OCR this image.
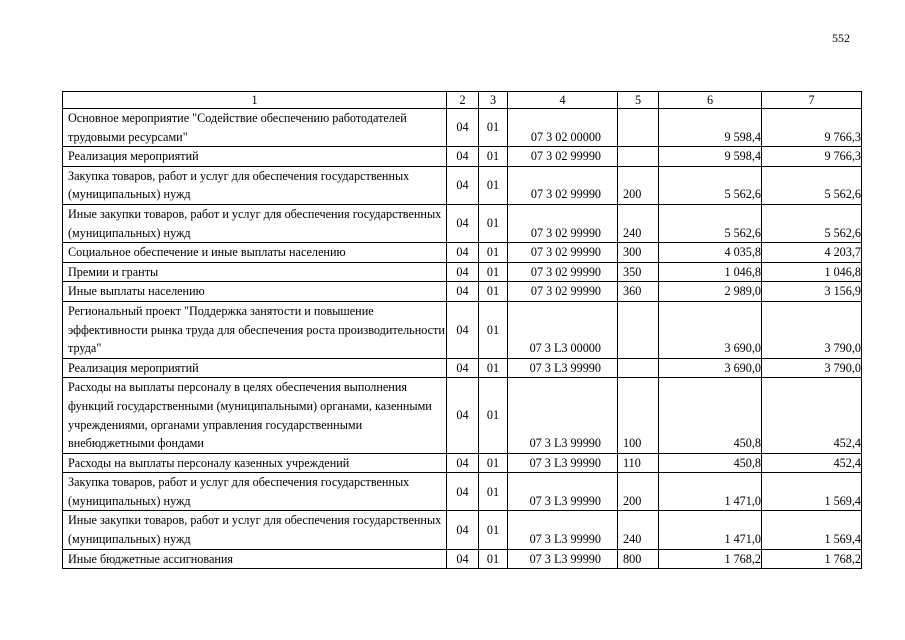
552
1	2	3	4	5	6	7
Основное мероприятие "Содействие обеспечению работодателей трудовыми ресурсами"	04	01	07 3 02 00000		9 598,4	9 766,3
Реализация мероприятий	04	01	07 3 02 99990		9 598,4	9 766,3
Закупка товаров, работ и услуг для обеспечения государственных (муниципальных) нужд	04	01	07 3 02 99990	200	5 562,6	5 562,6
Иные закупки товаров, работ и услуг для обеспечения государственных (муниципальных) нужд	04	01	07 3 02 99990	240	5 562,6	5 562,6
Социальное обеспечение и иные выплаты населению	04	01	07 3 02 99990	300	4 035,8	4 203,7
Премии и гранты	04	01	07 3 02 99990	350	1 046,8	1 046,8
Иные выплаты населению	04	01	07 3 02 99990	360	2 989,0	3 156,9
Региональный проект "Поддержка занятости и повышение эффективности рынка труда для обеспечения роста производительности труда"	04	01	07 3 L3 00000		3 690,0	3 790,0
Реализация мероприятий	04	01	07 3 L3 99990		3 690,0	3 790,0
Расходы на выплаты персоналу в целях обеспечения выполнения функций государственными (муниципальными) органами, казенными учреждениями, органами управления государственными внебюджетными фондами	04	01	07 3 L3 99990	100	450,8	452,4
Расходы на выплаты персоналу казенных учреждений	04	01	07 3 L3 99990	110	450,8	452,4
Закупка товаров, работ и услуг для обеспечения государственных (муниципальных) нужд	04	01	07 3 L3 99990	200	1 471,0	1 569,4
Иные закупки товаров, работ и услуг для обеспечения государственных (муниципальных) нужд	04	01	07 3 L3 99990	240	1 471,0	1 569,4
Иные бюджетные ассигнования	04	01	07 3 L3 99990	800	1 768,2	1 768,2
